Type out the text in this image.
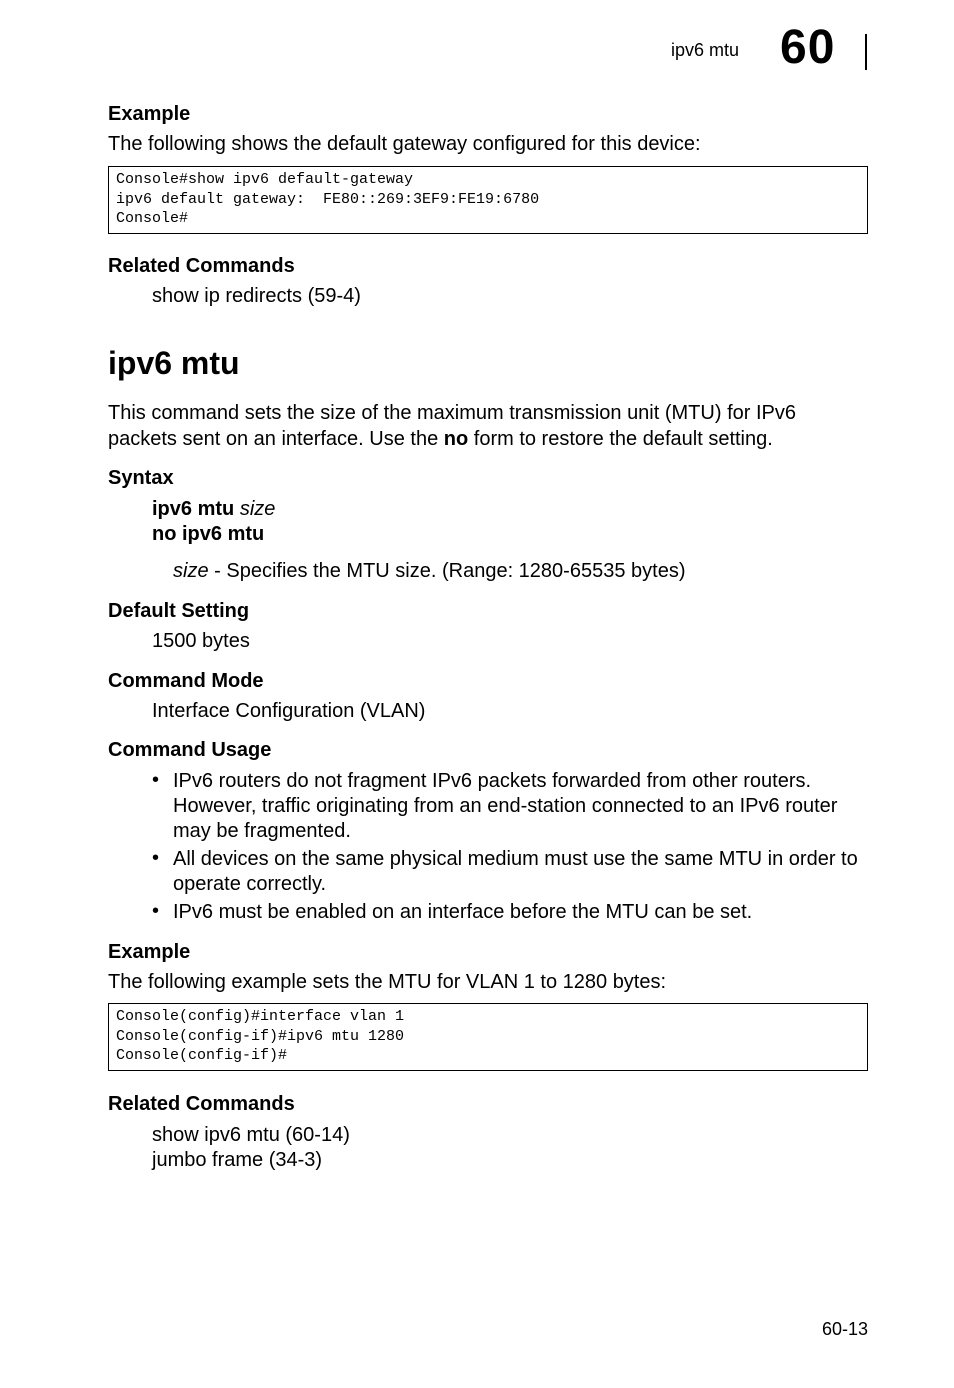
ipv6 mtu 60
Example
The following shows the default gateway configured for this device:
Console#show ipv6 default-gateway
ipv6 default gateway:  FE80::269:3EF9:FE19:6780
Console#
Related Commands
show ip redirects (59-4)
ipv6 mtu
This command sets the size of the maximum transmission unit (MTU) for IPv6
packets sent on an interface. Use the no form to restore the default setting.
Syntax
ipv6 mtu size
no ipv6 mtu
size - Specifies the MTU size. (Range: 1280-65535 bytes)
Default Setting
1500 bytes
Command Mode
Interface Configuration (VLAN)
Command Usage
• IPv6 routers do not fragment IPv6 packets forwarded from other routers.
However, traffic originating from an end-station connected to an IPv6 router
may be fragmented.
• All devices on the same physical medium must use the same MTU in order to
operate correctly.
• IPv6 must be enabled on an interface before the MTU can be set.
Example
The following example sets the MTU for VLAN 1 to 1280 bytes:
Console(config)#interface vlan 1
Console(config-if)#ipv6 mtu 1280
Console(config-if)#
Related Commands
show ipv6 mtu (60-14)
jumbo frame (34-3)
60-13
